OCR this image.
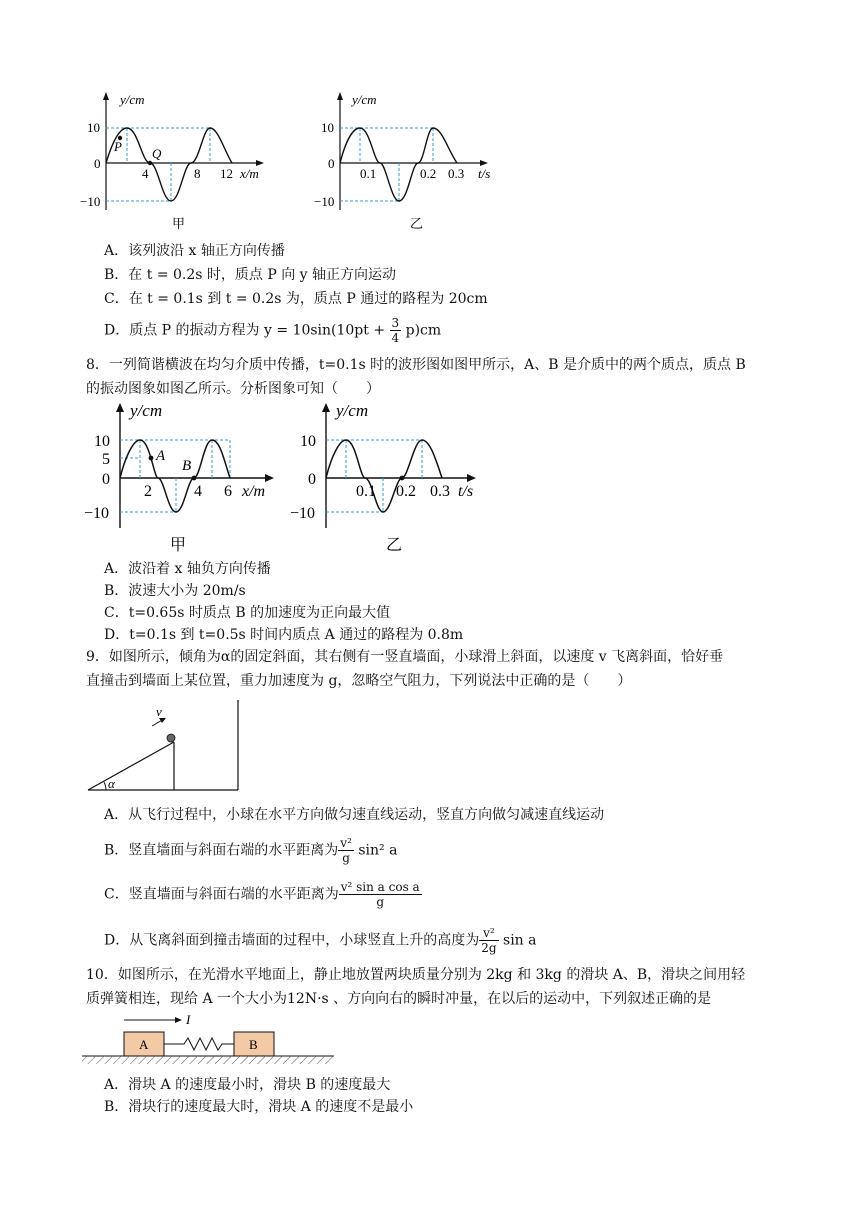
y/cm
10
0
−10
4	8 12 x/m
P Q
甲
y/cm
10
0
−10
0.1	0.2 0.3 t/s
乙
A．该列波沿 x 轴正方向传播
B．在 t = 0.2s 时，质点 P 向 y 轴正方向运动
C．在 t = 0.1s 到 t = 0.2s 为，质点 P 通过的路程为 20cm
D．质点 P 的振动方程为 $y = 10\sin(10pt + \frac{3}{4} p)cm$
8．一列简谐横波在均匀介质中传播，t=0.1s 时的波形图如图甲所示，A、B 是介质中的两个质点，质点 B
的振动图象如图乙所示。分析图象可知（　　）
y/cm
10
5
0
−10
2	4 6 x/m
A
B
甲
y/cm
10
0
−10
0.1 0.2 0.3 t/s
乙
A．波沿着 x 轴负方向传播
B．波速大小为 20m/s
C．t=0.65s 时质点 B 的加速度为正向最大值
D．t=0.1s 到 t=0.5s 时间内质点 A 通过的路程为 0.8m
9．如图所示，倾角为α的固定斜面，其右侧有一竖直墙面，小球滑上斜面，以速度 v 飞离斜面，恰好垂
直撞击到墙面上某位置，重力加速度为 g，忽略空气阻力，下列说法中正确的是（　　）
v
α
A．从飞行过程中，小球在水平方向做匀速直线运动，竖直方向做匀减速直线运动
B．竖直墙面与斜面右端的水平距离为 $\frac{\text{v²}}{g} \sin^2$ a
C．竖直墙面与斜面右端的水平距离为 $\frac{\text{v² sin a cos a}}{g}$
D．从飞离斜面到撞击墙面的过程中，小球竖直上升的高度为 $\frac{\text{v²}}{2g}$ sin a
10．如图所示，在光滑水平地面上，静止地放置两块质量分别为 2kg 和 3kg 的滑块 A、B，滑块之间用轻
质弹簧相连，现给 A 一个大小为12N·s 、方向向右的瞬时冲量，在以后的运动中，下列叙述正确的是
I
A	B
A．滑块 A 的速度最小时，滑块 B 的速度最大
B．滑块行的速度最大时，滑块 A 的速度不是最小
